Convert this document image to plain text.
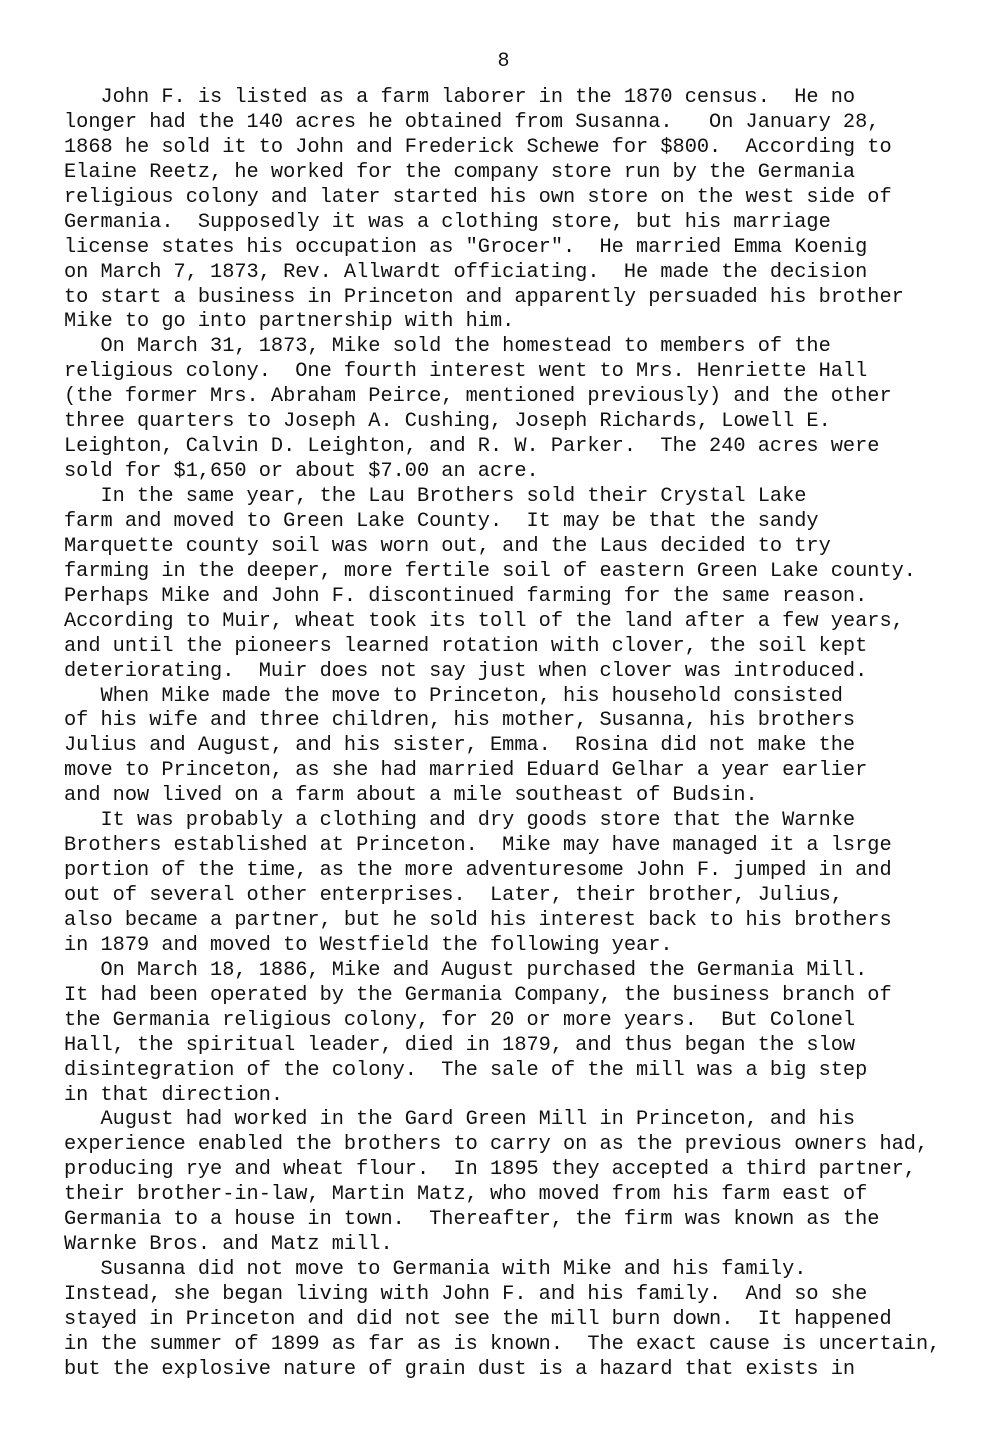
8
John F. is listed as a farm laborer in the 1870 census.  He no
longer had the 140 acres he obtained from Susanna.   On January 28,
1868 he sold it to John and Frederick Schewe for $800.  According to
Elaine Reetz, he worked for the company store run by the Germania
religious colony and later started his own store on the west side of
Germania.  Supposedly it was a clothing store, but his marriage
license states his occupation as "Grocer".  He married Emma Koenig
on March 7, 1873, Rev. Allwardt officiating.  He made the decision
to start a business in Princeton and apparently persuaded his brother
Mike to go into partnership with him.
On March 31, 1873, Mike sold the homestead to members of the
religious colony.  One fourth interest went to Mrs. Henriette Hall
(the former Mrs. Abraham Peirce, mentioned previously) and the other
three quarters to Joseph A. Cushing, Joseph Richards, Lowell E.
Leighton, Calvin D. Leighton, and R. W. Parker.  The 240 acres were
sold for $1,650 or about $7.00 an acre.
In the same year, the Lau Brothers sold their Crystal Lake
farm and moved to Green Lake County.  It may be that the sandy
Marquette county soil was worn out, and the Laus decided to try
farming in the deeper, more fertile soil of eastern Green Lake county.
Perhaps Mike and John F. discontinued farming for the same reason.
According to Muir, wheat took its toll of the land after a few years,
and until the pioneers learned rotation with clover, the soil kept
deteriorating.  Muir does not say just when clover was introduced.
When Mike made the move to Princeton, his household consisted
of his wife and three children, his mother, Susanna, his brothers
Julius and August, and his sister, Emma.  Rosina did not make the
move to Princeton, as she had married Eduard Gelhar a year earlier
and now lived on a farm about a mile southeast of Budsin.
It was probably a clothing and dry goods store that the Warnke
Brothers established at Princeton.  Mike may have managed it a lsrge
portion of the time, as the more adventuresome John F. jumped in and
out of several other enterprises.  Later, their brother, Julius,
also became a partner, but he sold his interest back to his brothers
in 1879 and moved to Westfield the following year.
On March 18, 1886, Mike and August purchased the Germania Mill.
It had been operated by the Germania Company, the business branch of
the Germania religious colony, for 20 or more years.  But Colonel
Hall, the spiritual leader, died in 1879, and thus began the slow
disintegration of the colony.  The sale of the mill was a big step
in that direction.
August had worked in the Gard Green Mill in Princeton, and his
experience enabled the brothers to carry on as the previous owners had,
producing rye and wheat flour.  In 1895 they accepted a third partner,
their brother-in-law, Martin Matz, who moved from his farm east of
Germania to a house in town.  Thereafter, the firm was known as the
Warnke Bros. and Matz mill.
Susanna did not move to Germania with Mike and his family.
Instead, she began living with John F. and his family.  And so she
stayed in Princeton and did not see the mill burn down.  It happened
in the summer of 1899 as far as is known.  The exact cause is uncertain,
but the explosive nature of grain dust is a hazard that exists in
